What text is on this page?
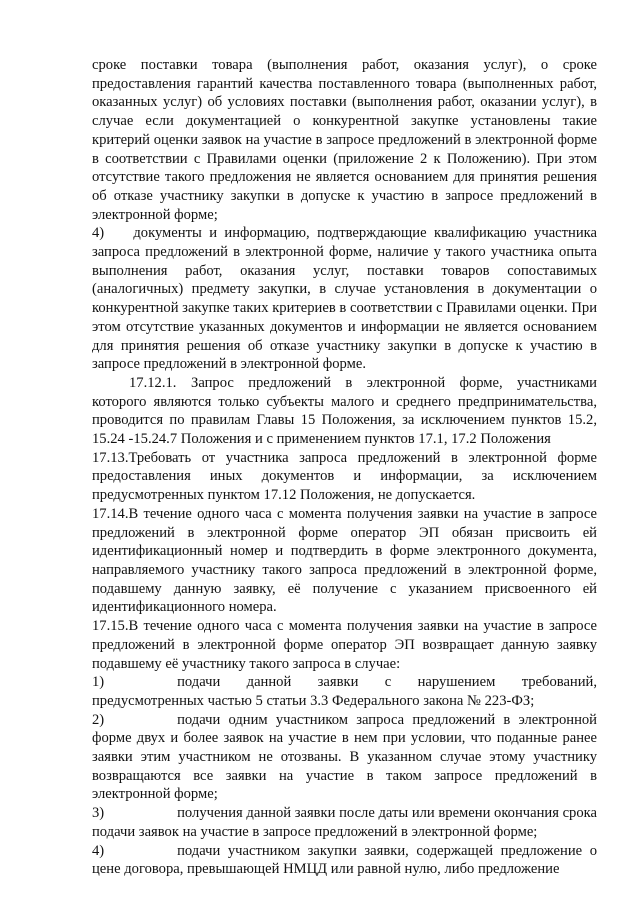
сроке поставки товара (выполнения работ, оказания услуг), о сроке предоставления гарантий качества поставленного товара (выполненных работ, оказанных услуг) об условиях поставки (выполнения работ, оказании услуг), в случае если документацией о конкурентной закупке установлены такие критерий оценки заявок на участие в запросе предложений в электронной форме в соответствии с Правилами оценки (приложение 2 к Положению). При этом отсутствие такого предложения не является основанием для принятия решения об отказе участнику закупки в допуске к участию в запросе предложений в электронной форме;

4)  документы и информацию, подтверждающие квалификацию участника запроса предложений в электронной форме, наличие у такого участника опыта выполнения работ, оказания услуг, поставки товаров сопоставимых (аналогичных) предмету закупки, в случае установления в документации о конкурентной закупке таких критериев в соответствии с Правилами оценки. При этом отсутствие указанных документов и информации не является основанием для принятия решения об отказе участнику закупки в допуске к участию в запросе предложений в электронной форме.

17.12.1. Запрос предложений в электронной форме, участниками которого являются только субъекты малого и среднего предпринимательства, проводится по правилам Главы 15 Положения, за исключением пунктов 15.2, 15.24 -15.24.7 Положения и с применением пунктов 17.1, 17.2 Положения

17.13.Требовать от участника запроса предложений в электронной форме предоставления иных документов и информации, за исключением предусмотренных пунктом 17.12 Положения, не допускается.

17.14.В течение одного часа с момента получения заявки на участие в запросе предложений в электронной форме оператор ЭП обязан присвоить ей идентификационный номер и подтвердить в форме электронного документа, направляемого участнику такого запроса предложений в электронной форме, подавшему данную заявку, её получение с указанием присвоенного ей идентификационного номера.

17.15.В течение одного часа с момента получения заявки на участие в запросе предложений в электронной форме оператор ЭП возвращает данную заявку подавшему её участнику такого запроса в случае:

1)     подачи данной заявки с нарушением требований, предусмотренных частью 5 статьи 3.3 Федерального закона № 223-ФЗ;

2)     подачи одним участником запроса предложений в электронной форме двух и более заявок на участие в нем при условии, что поданные ранее заявки этим участником не отозваны. В указанном случае этому участнику возвращаются все заявки на участие в таком запросе предложений в электронной форме;

3)     получения данной заявки после даты или времени окончания срока подачи заявок на участие в запросе предложений в электронной форме;

4)     подачи участником закупки заявки, содержащей предложение о цене договора, превышающей НМЦД или равной нулю, либо предложение
